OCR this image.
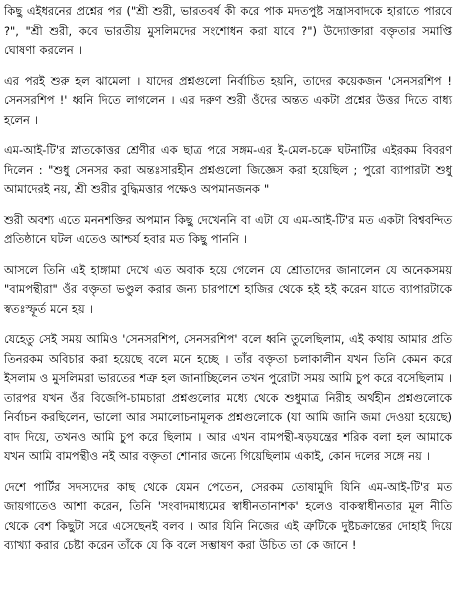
কিছু এইধরনের প্রশ্নের পর ("শ্রী শুরী, ভারতবর্ষ কী করে পাক মদতপুষ্ট সন্ত্রাসবাদকে হারাতে পারবে ?", "শ্রী শুরী, কবে ভারতীয় মুসলিমদের সংশোধন করা যাবে ?") উদ্যোক্তারা বক্তৃতার সমাপ্তি ঘোষণা করলেন ।

এর পরই শুরু হল ঝামেলা । যাদের প্রশ্নগুলো নির্বাচিত হয়নি, তাদের কয়েকজন 'সেনসরশিপ ! সেনসরশিপ !' ধ্বনি দিতে লাগলেন । এর দরুণ শুরী ওঁদের অন্তত একটা প্রশ্নের উত্তর দিতে বাধ্য হলেন ।

এম-আই-টি'র স্নাতকোত্তর শ্রেণীর এক ছাত্র পরে সঙ্গম-এর ই-মেল-চক্রে ঘটনাটির এইরকম বিবরণ দিলেন : "শুধু সেনসর করা অন্তঃসারহীন প্রশ্নগুলো জিজ্ঞেস করা হয়েছিল ; পুরো ব্যাপারটা শুধু আমাদেরই নয়, শ্রী শুরীর বুদ্ধিমত্তার পক্ষেও অপমানজনক "

শুরী অবশ্য এতে মননশক্তির অপমান কিছু দেখেননি বা এটা যে এম-আই-টি'র মত একটা বিশ্ববন্দিত প্রতিষ্ঠানে ঘটল এতেও আশ্চর্য হবার মত কিছু পাননি ।

আসলে তিনি এই হাঙ্গামা দেখে এত অবাক হয়ে গেলেন যে শ্রোতাদের জানালেন যে অনেকসময় "বামপন্থীরা" ওঁর বক্তৃতা ভণ্ডুল করার জন্য চারপাশে হাজির থেকে হই হই করেন যাতে ব্যাপারটাকে স্বতঃস্ফূর্ত মনে হয় ।

যেহেতু সেই সময় আমিও 'সেনসরশিপ, সেনসরশিপ' বলে ধ্বনি তুলেছিলাম, এই কথায় আমার প্রতি তিনরকম অবিচার করা হয়েছে বলে মনে হচ্ছে । তাঁর বক্তৃতা চলাকালীন যখন তিনি কেমন করে ইসলাম ও মুসলিমরা ভারতের শত্রু হল জানাচ্ছিলেন তখন পুরোটা সময় আমি চুপ করে বসেছিলাম । তারপর যখন ওঁর বিজেপি-চামচারা প্রশ্নগুলোর মধ্যে থেকে শুধুমাত্র নিরীহ অর্থহীন প্রশ্নগুলোকে নির্বাচন করছিলেন, ভালো আর সমালোচনামূলক প্রশ্নগুলোকে (যা আমি জানি জমা দেওয়া হয়েছে) বাদ দিয়ে, তখনও আমি চুপ করে ছিলাম । আর এখন বামপন্থী-ষড়যন্ত্রের শরিক বলা হল আমাকে যখন আমি বামপন্থীও নই আর বক্তৃতা শোনার জন্যে গিয়েছিলাম একাই, কোন দলের সঙ্গে নয় ।

দেশে পার্টির সদস্যদের কাছ থেকে যেমন পেতেন, সেরকম তোষামুদি যিনি এম-আই-টি'র মত জায়গাতেও আশা করেন, তিনি 'সংবাদমাধ্যমের স্বাধীনতানাশক' হলেও বাকস্বাধীনতার মূল নীতি থেকে বেশ কিছুটা সরে এসেছেনই বলব । আর যিনি নিজের এই ত্রুটিকে দুষ্টচক্রান্তের দোহাই দিয়ে ব্যাখ্যা করার চেষ্টা করেন তাঁকে যে কি বলে সম্ভাষণ করা উচিত তা কে জানে !
